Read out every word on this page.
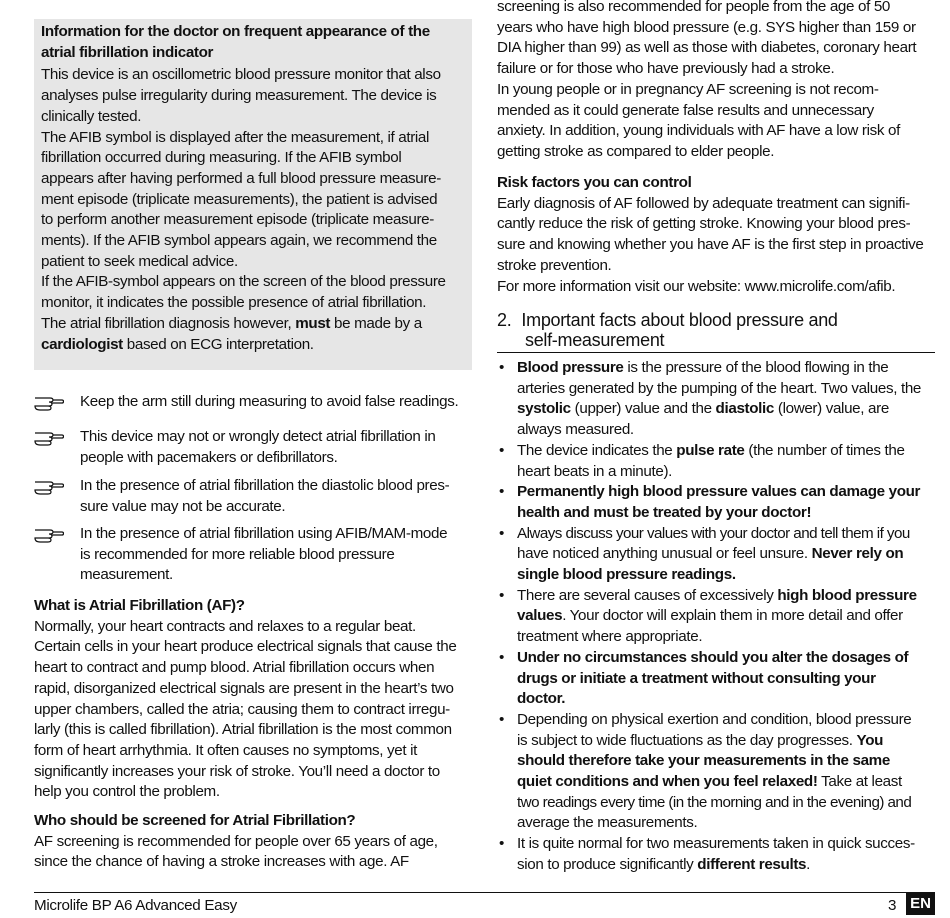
Information for the doctor on frequent appearance of the

atrial fibrillation indicator

This device is an oscillometric blood pressure monitor that also

analyses pulse irregularity during measurement. The device is

clinically tested.

The AFIB symbol is displayed after the measurement, if atrial

fibrillation occurred during measuring. If the AFIB symbol

appears after having performed a full blood pressure measure-

ment episode (triplicate measurements), the patient is advised

to perform another measurement episode (triplicate measure-

ments). If the AFIB symbol appears again, we recommend the

patient to seek medical advice.

If the AFIB-symbol appears on the screen of the blood pressure

monitor, it indicates the possible presence of atrial fibrillation.

The atrial fibrillation diagnosis however, must be made by a

cardiologist based on ECG interpretation.

Keep the arm still during measuring to avoid false readings.

This device may not or wrongly detect atrial fibrillation in

people with pacemakers or defibrillators.

In the presence of atrial fibrillation the diastolic blood pres-

sure value may not be accurate.

In the presence of atrial fibrillation using AFIB/MAM-mode

is recommended for more reliable blood pressure

measurement.

What is Atrial Fibrillation (AF)?

Normally, your heart contracts and relaxes to a regular beat.

Certain cells in your heart produce electrical signals that cause the

heart to contract and pump blood. Atrial fibrillation occurs when

rapid, disorganized electrical signals are present in the heart’s two

upper chambers, called the atria; causing them to contract irregu-

larly (this is called fibrillation). Atrial fibrillation is the most common

form of heart arrhythmia. It often causes no symptoms, yet it

significantly increases your risk of stroke. You’ll need a doctor to

help you control the problem.

Who should be screened for Atrial Fibrillation?

AF screening is recommended for people over 65 years of age,

since the chance of having a stroke increases with age. AF

screening is also recommended for people from the age of 50

years who have high blood pressure (e.g. SYS higher than 159 or

DIA higher than 99) as well as those with diabetes, coronary heart

failure or for those who have previously had a stroke.

In young people or in pregnancy AF screening is not recom-

mended as it could generate false results and unnecessary

anxiety. In addition, young individuals with AF have a low risk of

getting stroke as compared to elder people.

Risk factors you can control

Early diagnosis of AF followed by adequate treatment can signifi-

cantly reduce the risk of getting stroke. Knowing your blood pres-

sure and knowing whether you have AF is the first step in proactive

stroke prevention.

For more information visit our website: www.microlife.com/afib.

2. Important facts about blood pressure and

self-measurement

• Blood pressure is the pressure of the blood flowing in the

arteries generated by the pumping of the heart. Two values, the

systolic (upper) value and the diastolic (lower) value, are

always measured.

• The device indicates the pulse rate (the number of times the

heart beats in a minute).

• Permanently high blood pressure values can damage your

health and must be treated by your doctor!

• Always discuss your values with your doctor and tell them if you

have noticed anything unusual or feel unsure. Never rely on

single blood pressure readings.

• There are several causes of excessively high blood pressure

values. Your doctor will explain them in more detail and offer

treatment where appropriate.

• Under no circumstances should you alter the dosages of

drugs or initiate a treatment without consulting your

doctor.

• Depending on physical exertion and condition, blood pressure

is subject to wide fluctuations as the day progresses. You

should therefore take your measurements in the same

quiet conditions and when you feel relaxed! Take at least

two readings every time (in the morning and in the evening) and

average the measurements.

• It is quite normal for two measurements taken in quick succes-

sion to produce significantly different results.

Microlife BP A6 Advanced Easy	3 EN
